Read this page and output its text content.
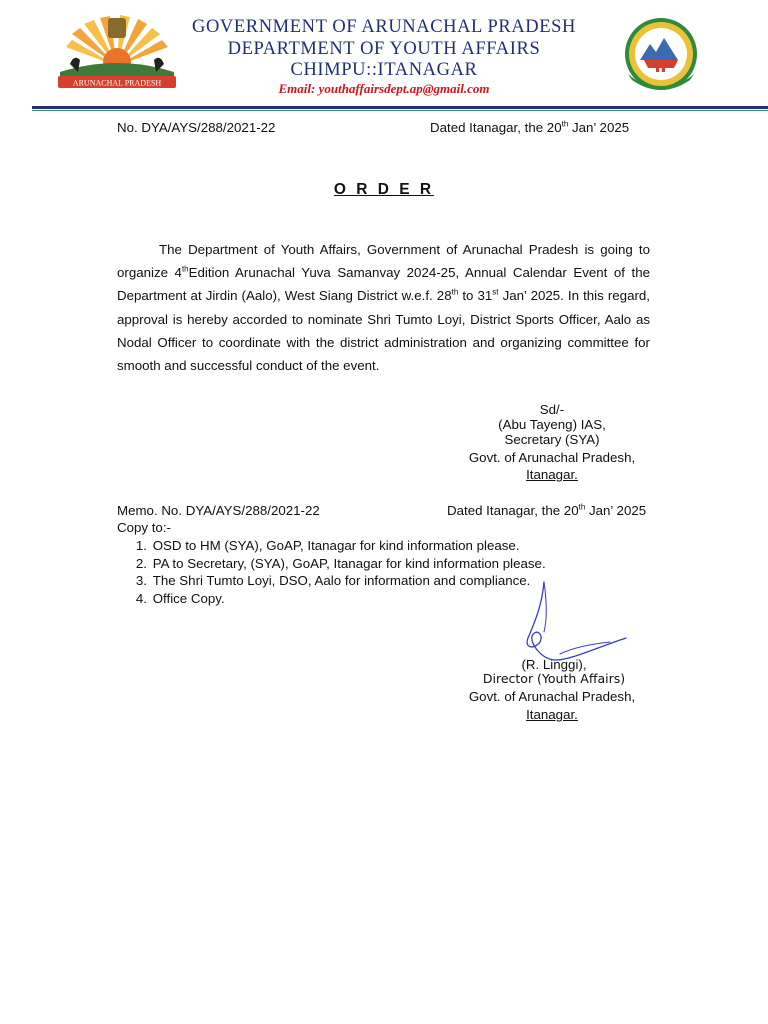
ARUNACHAL PRADESH
GOVERNMENT OF ARUNACHAL PRADESH
DEPARTMENT OF YOUTH AFFAIRS
CHIMPU::ITANAGAR
Email: youthaffairsdept.ap@gmail.com
No. DYA/AYS/288/2021-22	Dated Itanagar, the 20th Jan’ 2025
O R D E R
The Department of Youth Affairs, Government of Arunachal Pradesh is going to organize 4thEdition Arunachal Yuva Samanvay 2024-25, Annual Calendar Event of the Department at Jirdin (Aalo), West Siang District w.e.f. 28th to 31st Jan’ 2025. In this regard, approval is hereby accorded to nominate Shri Tumto Loyi, District Sports Officer, Aalo as Nodal Officer to coordinate with the district administration and organizing committee for smooth and successful conduct of the event.
Sd/-
(Abu Tayeng) IAS,
Secretary (SYA)
Govt. of Arunachal Pradesh,
Itanagar.
Memo. No. DYA/AYS/288/2021-22	Dated Itanagar, the 20th Jan’ 2025
Copy to:-
1. OSD to HM (SYA), GoAP, Itanagar for kind information please.
2. PA to Secretary, (SYA), GoAP, Itanagar for kind information please.
3. The Shri Tumto Loyi, DSO, Aalo for information and compliance.
4. Office Copy.
(R. Linggi),
Director (Youth Affairs)
Govt. of Arunachal Pradesh,
Itanagar.
